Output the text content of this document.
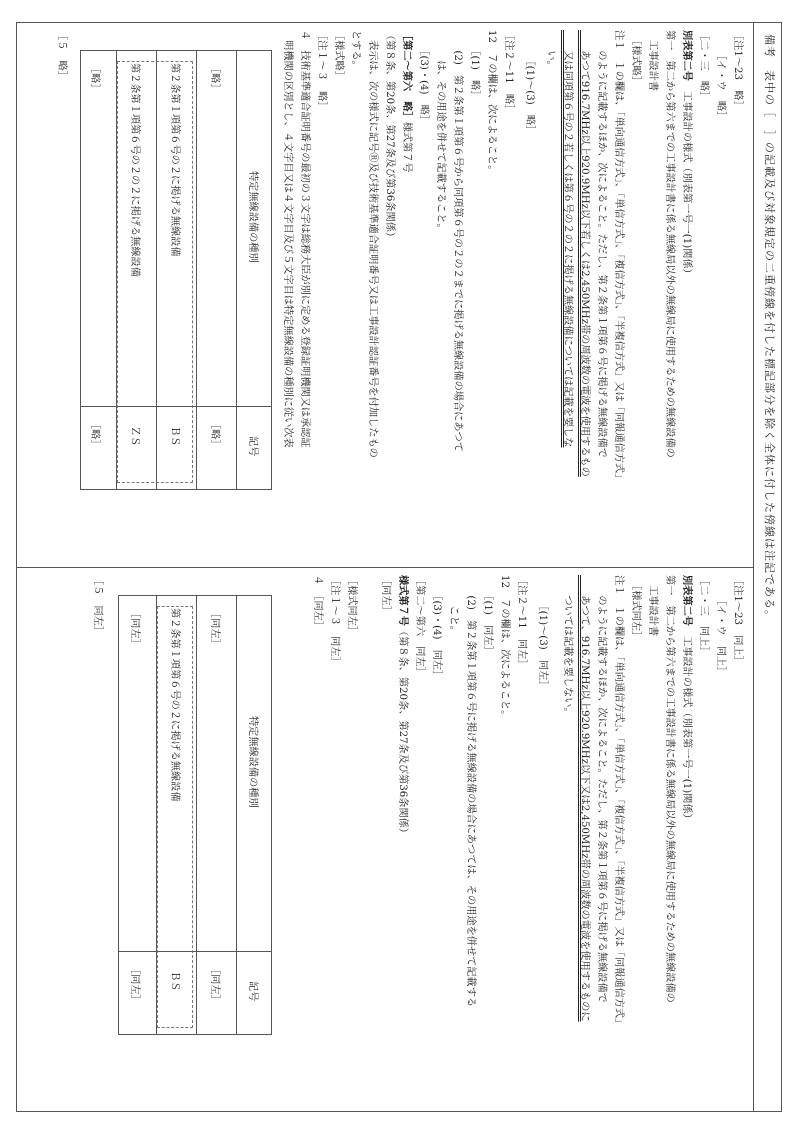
備考　表中の［　］の記載及び対象規定の二重傍線を付した標記部分を除く全体に付した傍線は注記である。
［注1～23　略］
［イ・ウ　略］
［二・三　略］
別表第二号　工事設計の様式（別表第一号一(1)関係）
第一　第二から第六までの工事設計書に係る無線局以外の無線局に使用するための無線設備の
　工事設計書
　［様式略］
注１　１の欄は、「単向通信方式」、「単信方式」、「複信方式」、「半複信方式」又は「同報通信方式」
　　のように記載するほか、次によること。ただし、第２条第１項第６号に掲げる無線設備で
　　あつて916.7MHz以上920.9MHz以下若しくは2,450MHz帯の周波数の電波を使用するもの
　　又は同項第６号の２若しくは第６号の２の２に掲げる無線設備については記載を要しな
　　い。
　　　［(1)～(3)　略］
［注２～11　略］
12　７の欄は、次によること。
　　［(1)　略］
　　(2)　第２条第１項第６号から同項第６号の２の２までに掲げる無線設備の場合にあつて
　　　は、その用途を併せて記載すること。
　　［(3)・(4)　略］
［第二～第六　略］様式第７号
（第８条、第20条、第27条及び第36条関係）
　表示は、次の様式に記号Ⓡ及び技術基準適合証明番号又は工事設計認証番号を付加したもの
とする。
［様式略］
［注１～３　略］
４　技術基準適合証明番号の最初の３文字は総務大臣が別に定める登録証明機関又は承認証
　明機関の区別とし、４文字目又は４文字目及び５文字目は特定無線設備の種別に従い次表
特定無線設備の種別
記号
［略］
［略］
第２条第１項第６号の２に掲げる無線設備
ＢＳ
第２条第１項第６号の２の２に掲げる無線設備
ＺＳ
［略］
［略］
［５　略］
［注1～23　同上］
［イ・ウ　同上］
［二・三　同上］
別表第二号　工事設計の様式（別表第一号一(1)関係）
第一　第二から第六までの工事設計書に係る無線局以外の無線局に使用するための無線設備の
　工事設計書
　［様式同左］
注１　１の欄は、「単向通信方式」、「単信方式」、「複信方式」、「半複信方式」又は「同報通信方式」
　　のように記載するほか、次によること。ただし、第２条第１項第６号に掲げる無線設備で
　　あつて、916.7MHz以上920.9MHz以下又は2,450MHz帯の周波数の電波を使用するものに
　　ついては記載を要しない。
　　　［(1)～(3)　同左］
［注２～11　同左］
12　７の欄は、次によること。
　　［(1)　同左］
　　(2)　第２条第１項第６号に掲げる無線設備の場合にあつては、その用途を併せて記載する
　　　こと。
　　［(3)・(4)　同左］
［第二～第六　同左］
様式第７号（第８条、第20条、第27条及び第36条関係）
［同左］
［様式同左］
［注１～３　同左］
４　［同左］
特定無線設備の種別
記号
［同左］
［同左］
第２条第１項第６号の２に掲げる無線設備
ＢＳ
［同左］
［同左］
［５　同左］
